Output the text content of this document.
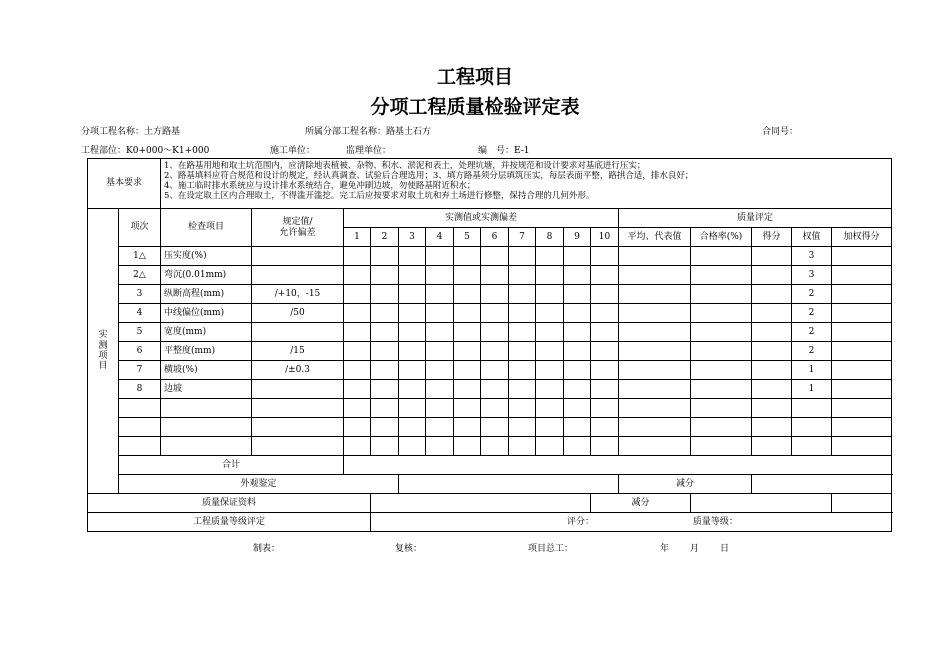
工程项目
分项工程质量检验评定表
分项工程名称：土方路基	所属分部工程名称：路基土石方	合同号：
工程部位：K0+000～K1+000	施工单位：	监理单位：	编　号：E-1
基本要求		1、在路基用地和取土坑范围内，应清除地表植被、杂物、积水、淤泥和表土，处理坑塘，并按规范和设计要求对基底进行压实；
2、路基填料应符合规范和设计的规定，经认真调查、试验后合理选用；3、填方路基须分层填筑压实，每层表面平整，路拱合适，排水良好；
4、施工临时排水系统应与设计排水系统结合，避免冲刷边坡，勿使路基附近积水；
5、在设定取土区内合理取土，不得滥开滥挖。完工后应按要求对取土坑和弃土场进行修整，保持合理的几何外形。																	

实
测
项
目	项次	检查项目	规定值/
允许偏差	实测值或实测偏差										质量评定					
				1	2	3	4	5	6	7	8	9	10	平均、代表值	合格率(%)	得分	权值	加权得分	
	1△	压实度(%)															3		
	2△	弯沉(0.01mm)															3		
	3	纵断高程(mm)	/+10，-15														2		
	4	中线偏位(mm)	/50														2		
	5	宽度(mm)															2		
	6	平整度(mm)	/15														2		
	7	横坡(%)	/±0.3														1		
	8	边坡															1		

	合计																		
	外观鉴定													减分			
质量保证资料													减分						
工程质量等级评定					评分： 质量等级：														
制表：	复核：	项目总工：	年 月 日
